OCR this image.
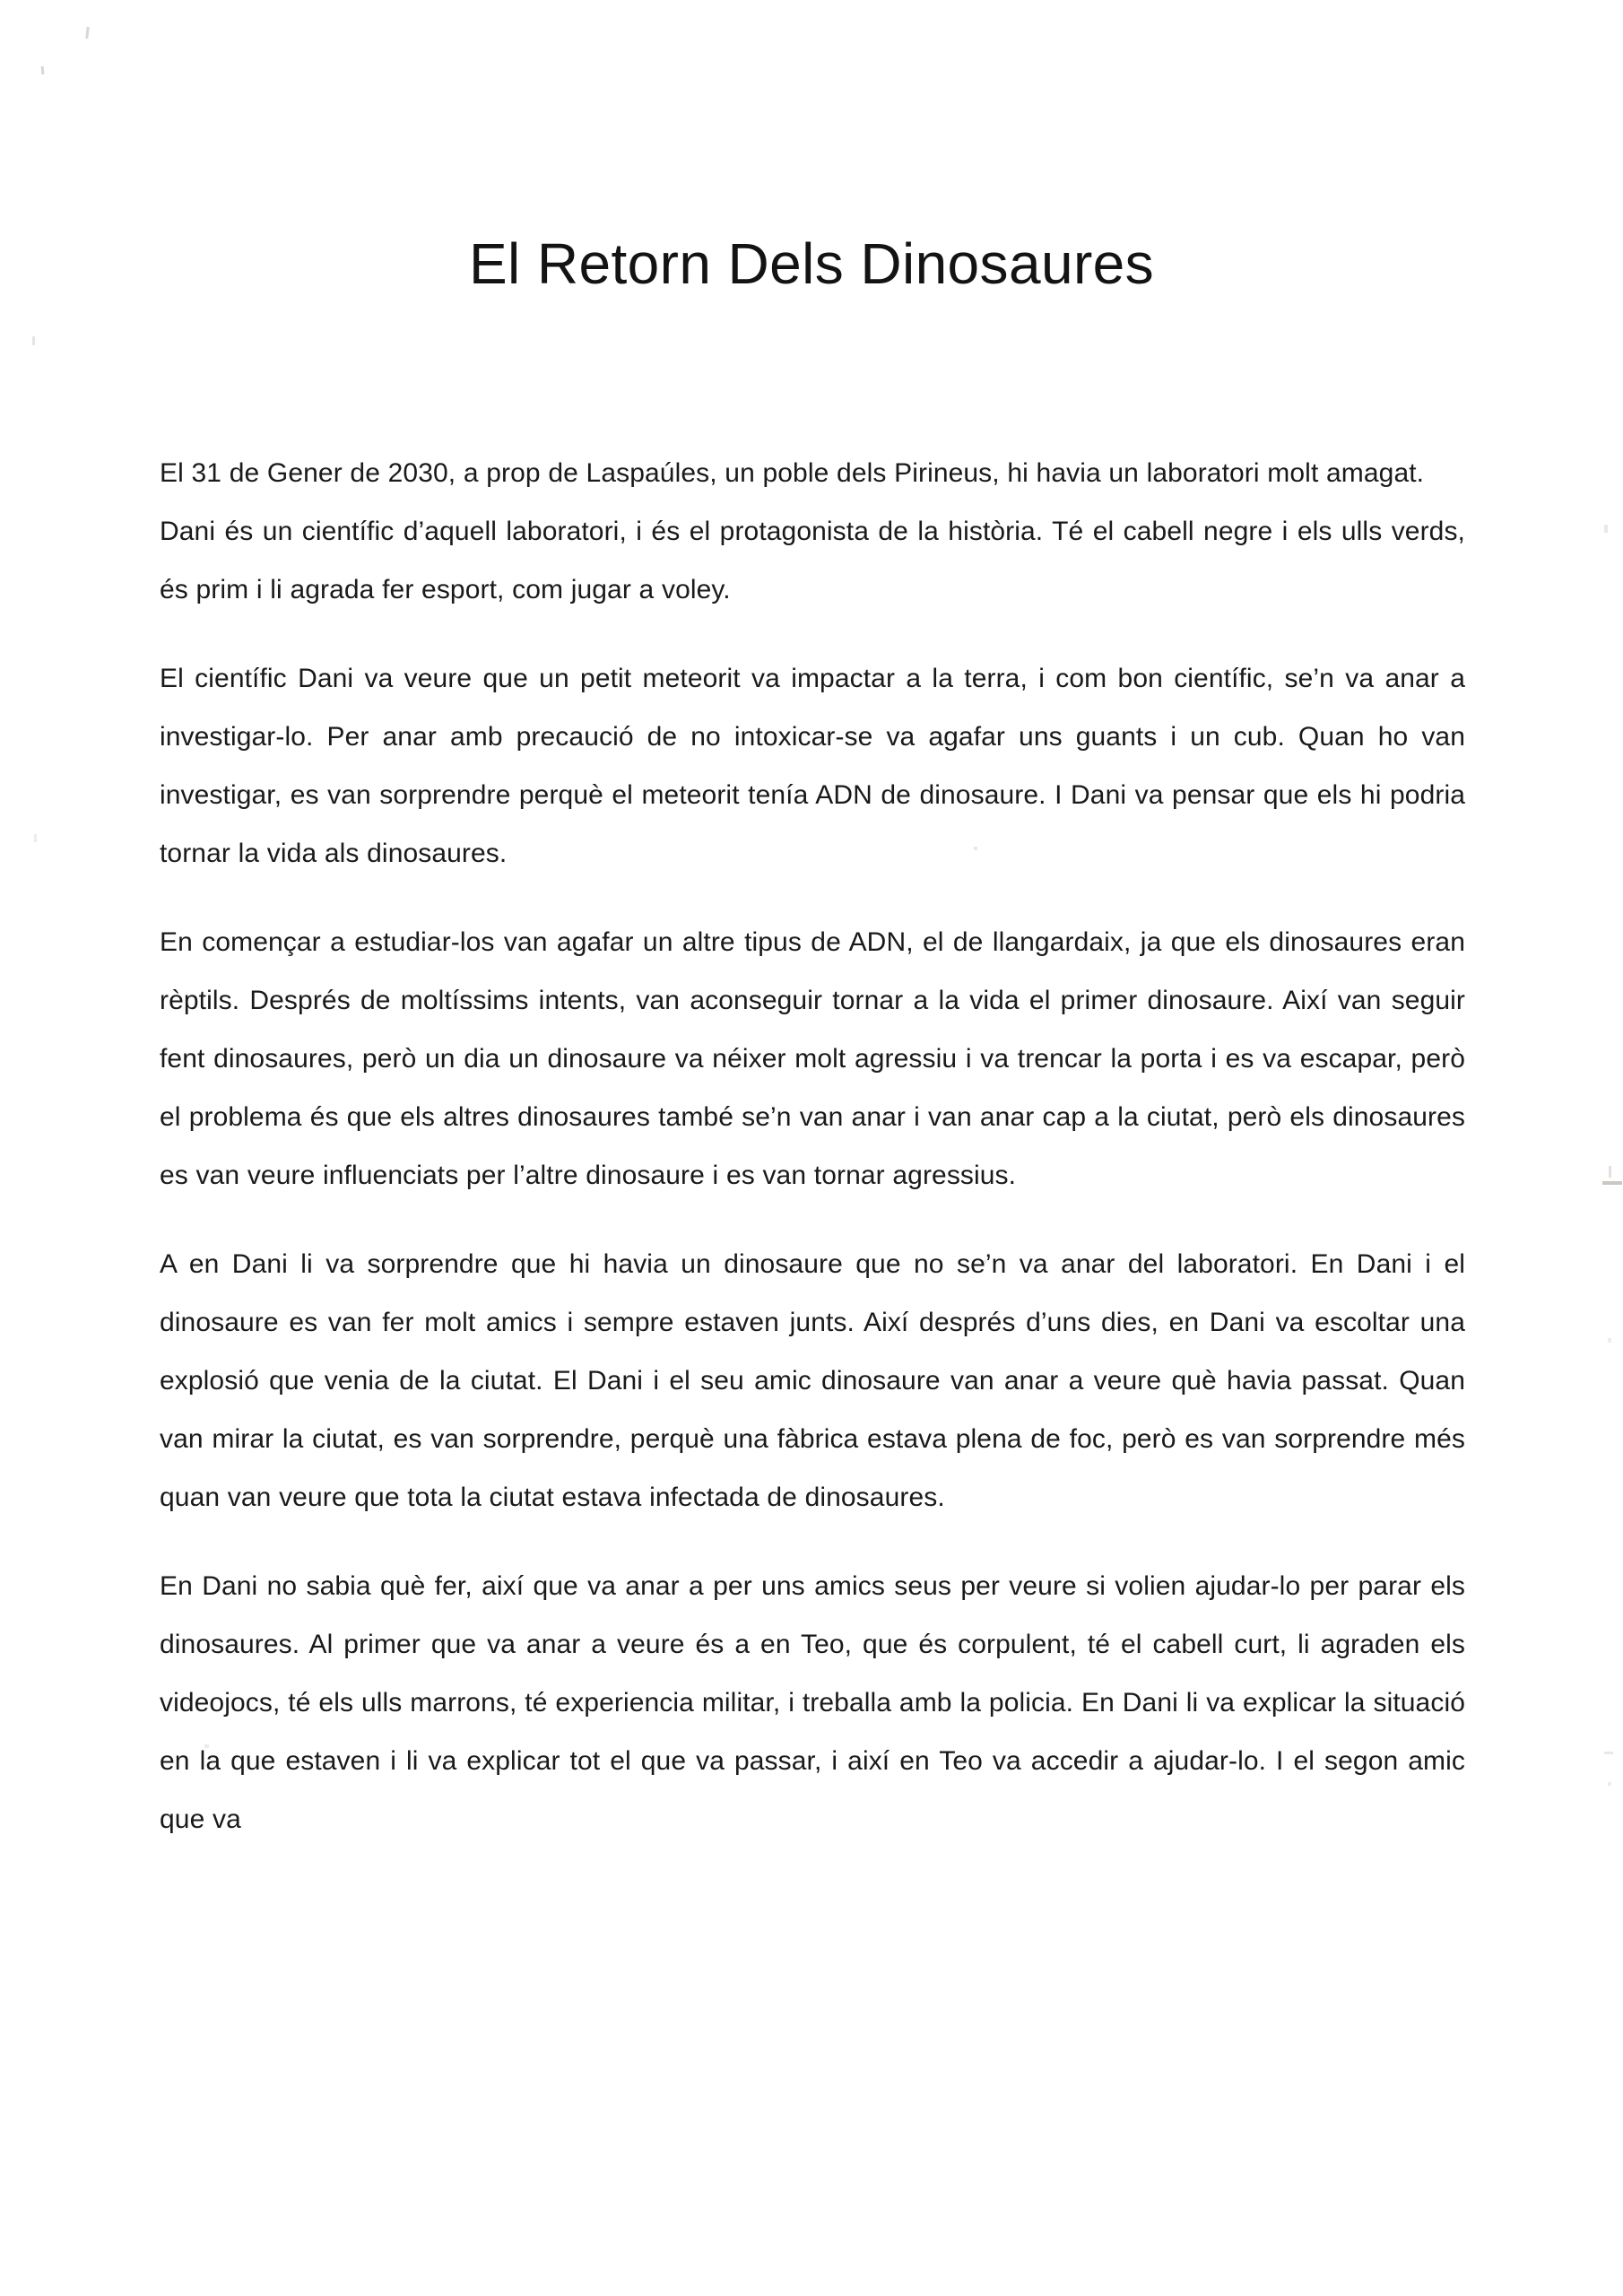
El Retorn Dels Dinosaures

El 31 de Gener de 2030, a prop de Laspaúles, un poble dels Pirineus, hi havia un laboratori molt amagat.

Dani és un científic d’aquell laboratori, i és el protagonista de la història. Té el cabell negre i els ulls verds, és prim i li agrada fer esport, com jugar a voley.

El científic Dani va veure que un petit meteorit va impactar a la terra, i com bon científic, se’n va anar a investigar-lo. Per anar amb precaució de no intoxicar-se va agafar uns guants i un cub. Quan ho van investigar, es van sorprendre perquè el meteorit tenía ADN de dinosaure. I Dani va pensar que els hi podria tornar la vida als dinosaures.

En començar a estudiar-los van agafar un altre tipus de ADN, el de llangardaix, ja que els dinosaures eran rèptils. Després de moltíssims intents, van aconseguir tornar a la vida el primer dinosaure. Així van seguir fent dinosaures, però un dia un dinosaure va néixer molt agressiu i va trencar la porta i es va escapar, però el problema és que els altres dinosaures també se’n van anar i van anar cap a la ciutat, però els dinosaures es van veure influenciats per l’altre dinosaure i es van tornar agressius.

A en Dani li va sorprendre que hi havia un dinosaure que no se’n va anar del laboratori. En Dani i el dinosaure es van fer molt amics i sempre estaven junts. Així després d’uns dies, en Dani va escoltar una explosió que venia de la ciutat. El Dani i el seu amic dinosaure van anar a veure què havia passat. Quan van mirar la ciutat, es van sorprendre, perquè una fàbrica estava plena de foc, però es van sorprendre més quan van veure que tota la ciutat estava infectada de dinosaures.

En Dani no sabia què fer, així que va anar a per uns amics seus per veure si volien ajudar-lo per parar els dinosaures. Al primer que va anar a veure és a en Teo, que és corpulent, té el cabell curt, li agraden els videojocs, té els ulls marrons, té experiencia militar, i treballa amb la policia. En Dani li va explicar la situació en la que estaven i li va explicar tot el que va passar, i així en Teo va accedir a ajudar-lo. I el segon amic que va
